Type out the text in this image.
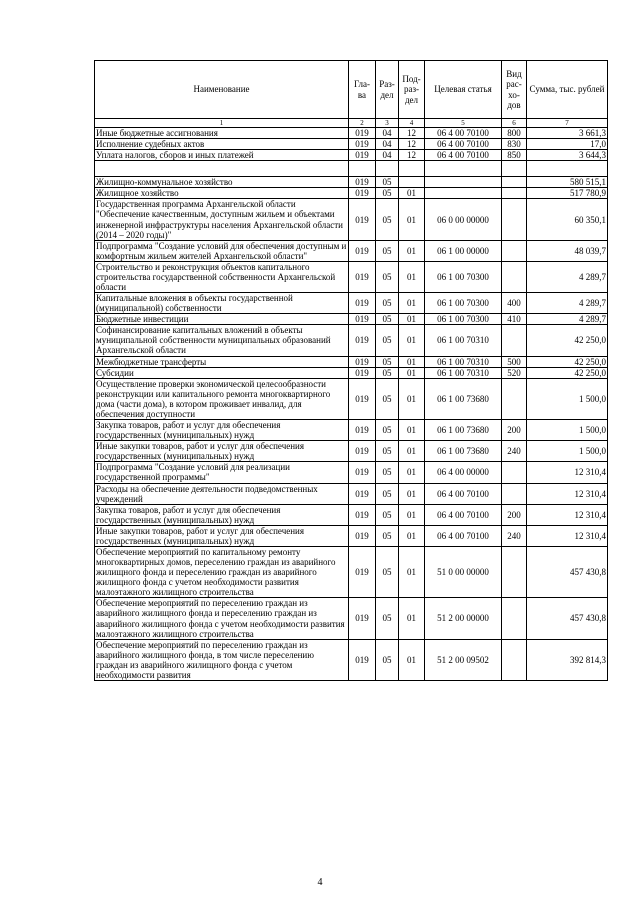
Наименование	Гла-ва	Раз-дел	Под-раз-дел	Целевая статья	Вид рас-хо-дов	Сумма, тыс. рублей
1	2	3	4	5	6	7
Иные бюджетные ассигнования	019	04	12	06 4 00 70100	800	3 661,3
Исполнение судебных актов	019	04	12	06 4 00 70100	830	17,0
Уплата налогов, сборов и иных платежей	019	04	12	06 4 00 70100	850	3 644,3

Жилищно-коммунальное хозяйство	019	05				580 515,1
Жилищное хозяйство	019	05	01			517 780,9
Государственная программа Архангельской области "Обеспечение качественным, доступным жильем и объектами инженерной инфраструктуры населения Архангельской области (2014 – 2020 годы)"	019	05	01	06 0 00 00000		60 350,1
Подпрограмма "Создание условий для обеспечения доступным и комфортным жильем жителей Архангельской области"	019	05	01	06 1 00 00000		48 039,7
Строительство и реконструкция объектов капитального строительства государственной собственности Архангельской области	019	05	01	06 1 00 70300		4 289,7
Капитальные вложения в объекты государственной (муниципальной) собственности	019	05	01	06 1 00 70300	400	4 289,7
Бюджетные инвестиции	019	05	01	06 1 00 70300	410	4 289,7
Софинансирование капитальных вложений в объекты муниципальной собственности муниципальных образований Архангельской области	019	05	01	06 1 00 70310		42 250,0
Межбюджетные трансферты	019	05	01	06 1 00 70310	500	42 250,0
Субсидии	019	05	01	06 1 00 70310	520	42 250,0
Осуществление проверки экономической целесообразности реконструкции или капитального ремонта многоквартирного дома (части дома), в котором проживает инвалид, для обеспечения доступности	019	05	01	06 1 00 73680		1 500,0
Закупка товаров, работ и услуг для обеспечения государственных (муниципальных) нужд	019	05	01	06 1 00 73680	200	1 500,0
Иные закупки товаров, работ и услуг для обеспечения государственных (муниципальных) нужд	019	05	01	06 1 00 73680	240	1 500,0
Подпрограмма "Создание условий для реализации государственной программы"	019	05	01	06 4 00 00000		12 310,4
Расходы на обеспечение деятельности подведомственных учреждений	019	05	01	06 4 00 70100		12 310,4
Закупка товаров, работ и услуг для обеспечения государственных (муниципальных) нужд	019	05	01	06 4 00 70100	200	12 310,4
Иные закупки товаров, работ и услуг для обеспечения государственных (муниципальных) нужд	019	05	01	06 4 00 70100	240	12 310,4
Обеспечение мероприятий по капитальному ремонту многоквартирных домов, переселению граждан из аварийного жилищного фонда и переселению граждан из аварийного жилищного фонда с учетом необходимости развития малоэтажного жилищного строительства	019	05	01	51 0 00 00000		457 430,8
Обеспечение мероприятий по переселению граждан из аварийного жилищного фонда и переселению граждан из аварийного жилищного фонда с учетом необходимости развития малоэтажного жилищного строительства	019	05	01	51 2 00 00000		457 430,8
Обеспечение мероприятий по переселению граждан из аварийного жилищного фонда, в том числе переселению граждан из аварийного жилищного фонда с учетом необходимости развития	019	05	01	51 2 00 09502		392 814,3
4
